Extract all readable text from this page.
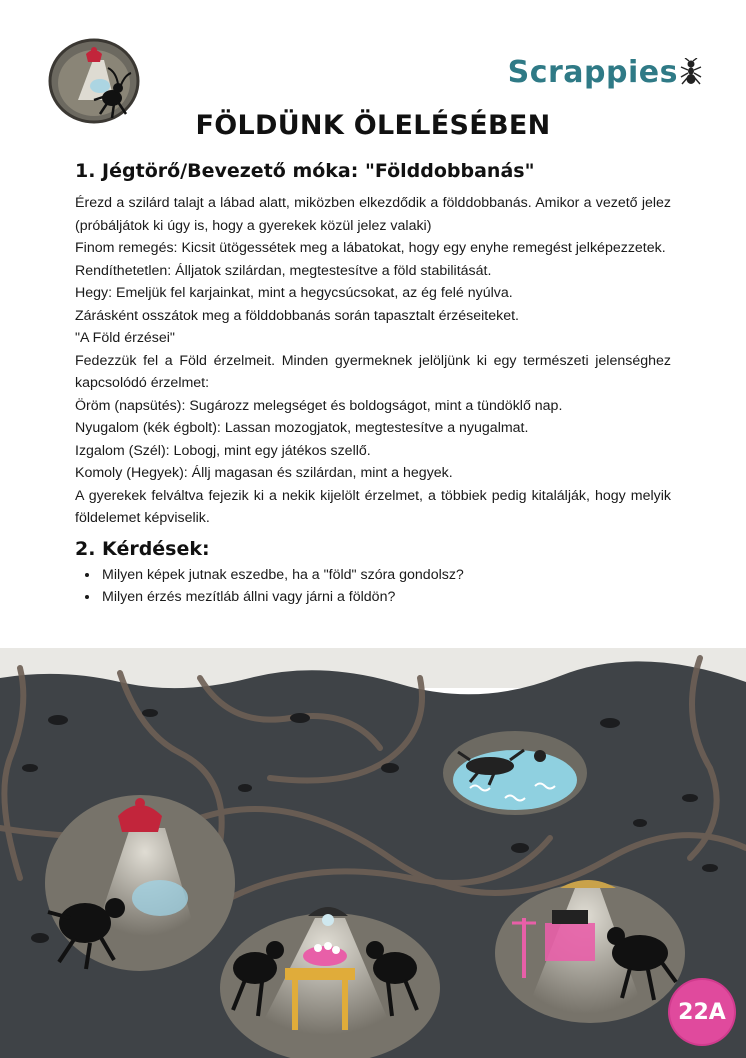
Scrappies
FÖLDÜNK ÖLELÉSÉBEN
1. Jégtörő/Bevezető móka: "Földdobbanás"

Érezd a szilárd talajt a lábad alatt, miközben elkezdődik a földdobbanás. Amikor a vezető jelez (próbáljátok ki úgy is, hogy a gyerekek közül jelez valaki)

Finom remegés: Kicsit ütögessétek meg a lábatokat, hogy egy enyhe remegést jelképezzetek.

Rendíthetetlen: Álljatok szilárdan, megtestesítve a föld stabilitását.

Hegy: Emeljük fel karjainkat, mint a hegycsúcsokat, az ég felé nyúlva.

Zárásként osszátok meg a földdobbanás során tapasztalt érzéseiteket.

"A Föld érzései"

Fedezzük fel a Föld érzelmeit. Minden gyermeknek jelöljünk ki egy természeti jelenséghez kapcsolódó érzelmet:

Öröm (napsütés): Sugározz melegséget és boldogságot, mint a tündöklő nap.

Nyugalom (kék égbolt): Lassan mozogjatok, megtestesítve a nyugalmat.

Izgalom (Szél): Lobogj, mint egy játékos szellő.

Komoly (Hegyek): Állj magasan és szilárdan, mint a hegyek.

A gyerekek felváltva fejezik ki a nekik kijelölt érzelmet, a többiek pedig kitalálják, hogy melyik földelemet képviselik.

2. Kérdések:
• Milyen képek jutnak eszedbe, ha a "föld" szóra gondolsz?
• Milyen érzés mezítláb állni vagy járni a földön?
22A
